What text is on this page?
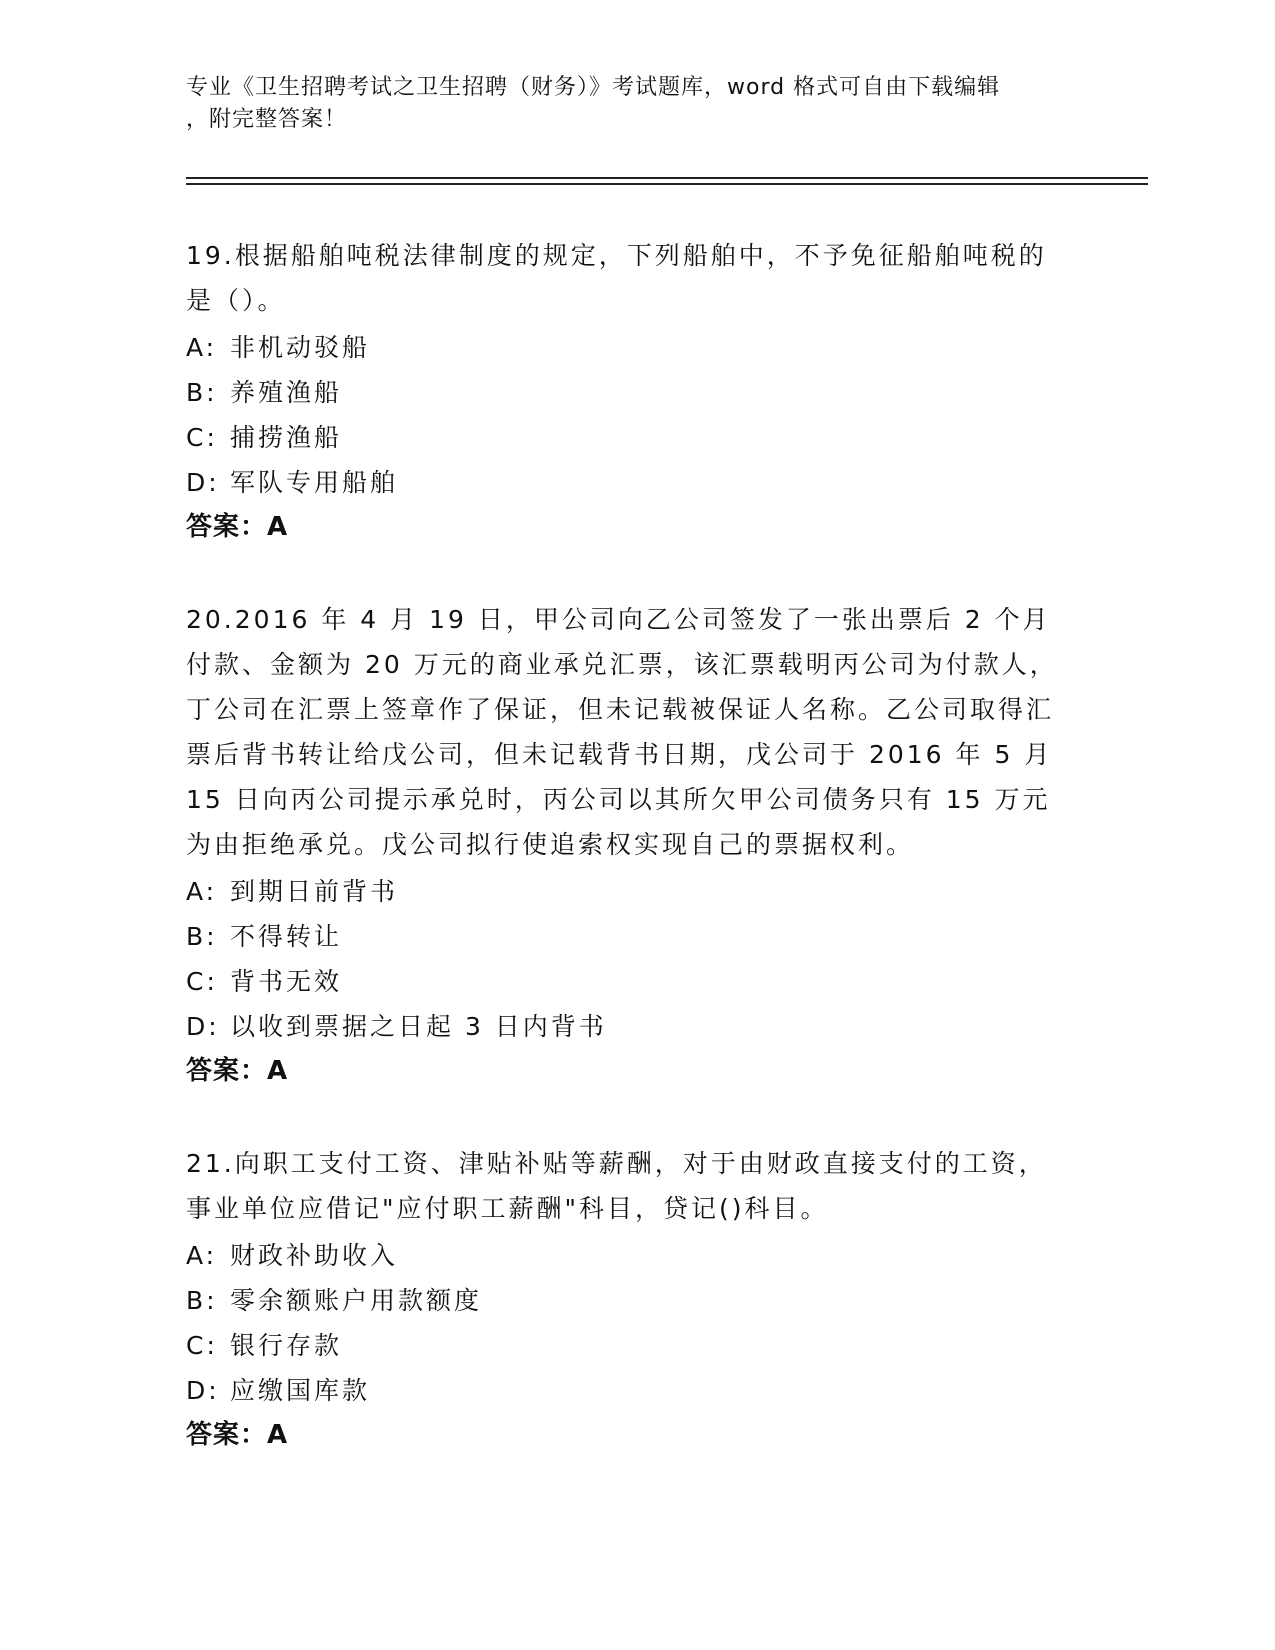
专业《卫生招聘考试之卫生招聘（财务）》考试题库，word 格式可自由下载编辑
，附完整答案！
19.根据船舶吨税法律制度的规定，下列船舶中，不予免征船舶吨税的是（）。
A: 非机动驳船
B: 养殖渔船
C: 捕捞渔船
D: 军队专用船舶
答案：A
20.2016 年 4 月 19 日，甲公司向乙公司签发了一张出票后 2 个月付款、金额为 20 万元的商业承兑汇票，该汇票载明丙公司为付款人，丁公司在汇票上签章作了保证，但未记载被保证人名称。乙公司取得汇票后背书转让给戊公司，但未记载背书日期，戊公司于 2016 年 5 月 15 日向丙公司提示承兑时，丙公司以其所欠甲公司债务只有 15 万元为由拒绝承兑。戊公司拟行使追索权实现自己的票据权利。
A: 到期日前背书
B: 不得转让
C: 背书无效
D: 以收到票据之日起 3 日内背书
答案：A
21.向职工支付工资、津贴补贴等薪酬，对于由财政直接支付的工资，事业单位应借记"应付职工薪酬"科目，贷记()科目。
A: 财政补助收入
B: 零余额账户用款额度
C: 银行存款
D: 应缴国库款
答案：A
